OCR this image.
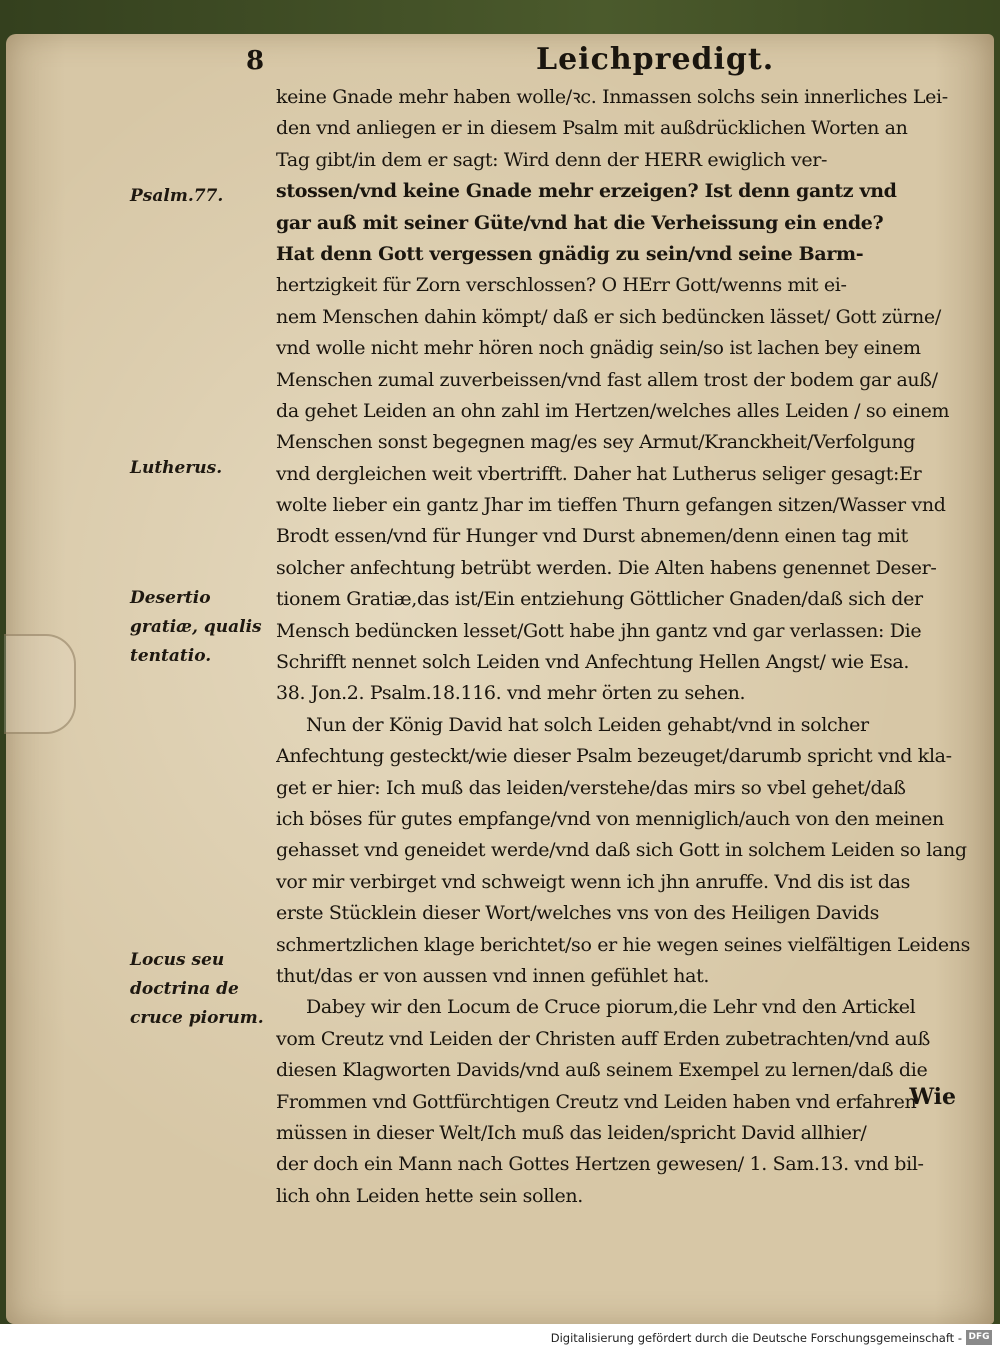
8	Leichpredigt.
Psalm.77.
Lutherus.
Desertio gratiæ, qualis tentatio.
Locus seu doctrina de cruce piorum.
keine Gnade mehr haben wolle/ꝛc. Inmassen solchs sein innerliches Lei-
den vnd anliegen er in diesem Psalm mit außdrücklichen Worten an
Tag gibt/in dem er sagt: Wird denn der HERR ewiglich ver-
stossen/vnd keine Gnade mehr erzeigen? Ist denn gantz vnd
gar auß mit seiner Güte/vnd hat die Verheissung ein ende?
Hat denn Gott vergessen gnädig zu sein/vnd seine Barm-
hertzigkeit für Zorn verschlossen? O HErr Gott/wenns mit ei-
nem Menschen dahin kömpt/ daß er sich bedüncken lässet/ Gott zürne/
vnd wolle nicht mehr hören noch gnädig sein/so ist lachen bey einem
Menschen zumal zuverbeissen/vnd fast allem trost der bodem gar auß/
da gehet Leiden an ohn zahl im Hertzen/welches alles Leiden / so einem
Menschen sonst begegnen mag/es sey Armut/Kranckheit/Verfolgung
vnd dergleichen weit vbertrifft. Daher hat Lutherus seliger gesagt:Er
wolte lieber ein gantz Jhar im tieffen Thurn gefangen sitzen/Wasser vnd
Brodt essen/vnd für Hunger vnd Durst abnemen/denn einen tag mit
solcher anfechtung betrübt werden. Die Alten habens genennet Deser-
tionem Gratiæ,das ist/Ein entziehung Göttlicher Gnaden/daß sich der
Mensch bedüncken lesset/Gott habe jhn gantz vnd gar verlassen: Die
Schrifft nennet solch Leiden vnd Anfechtung Hellen Angst/ wie Esa.
38. Jon.2. Psalm.18.116. vnd mehr örten zu sehen.
Nun der König David hat solch Leiden gehabt/vnd in solcher
Anfechtung gesteckt/wie dieser Psalm bezeuget/darumb spricht vnd kla-
get er hier: Ich muß das leiden/verstehe/das mirs so vbel gehet/daß
ich böses für gutes empfange/vnd von menniglich/auch von den meinen
gehasset vnd geneidet werde/vnd daß sich Gott in solchem Leiden so lang
vor mir verbirget vnd schweigt wenn ich jhn anruffe. Vnd dis ist das
erste Stücklein dieser Wort/welches vns von des Heiligen Davids
schmertzlichen klage berichtet/so er hie wegen seines vielfältigen Leidens
thut/das er von aussen vnd innen gefühlet hat.
Dabey wir den Locum de Cruce piorum,die Lehr vnd den Artickel
vom Creutz vnd Leiden der Christen auff Erden zubetrachten/vnd auß
diesen Klagworten Davids/vnd auß seinem Exempel zu lernen/daß die
Frommen vnd Gottfürchtigen Creutz vnd Leiden haben vnd erfahren
müssen in dieser Welt/Ich muß das leiden/spricht David allhier/
der doch ein Mann nach Gottes Hertzen gewesen/ 1. Sam.13. vnd bil-
lich ohn Leiden hette sein sollen.
Wie
Digitalisierung gefördert durch die Deutsche Forschungsgemeinschaft - DFG
